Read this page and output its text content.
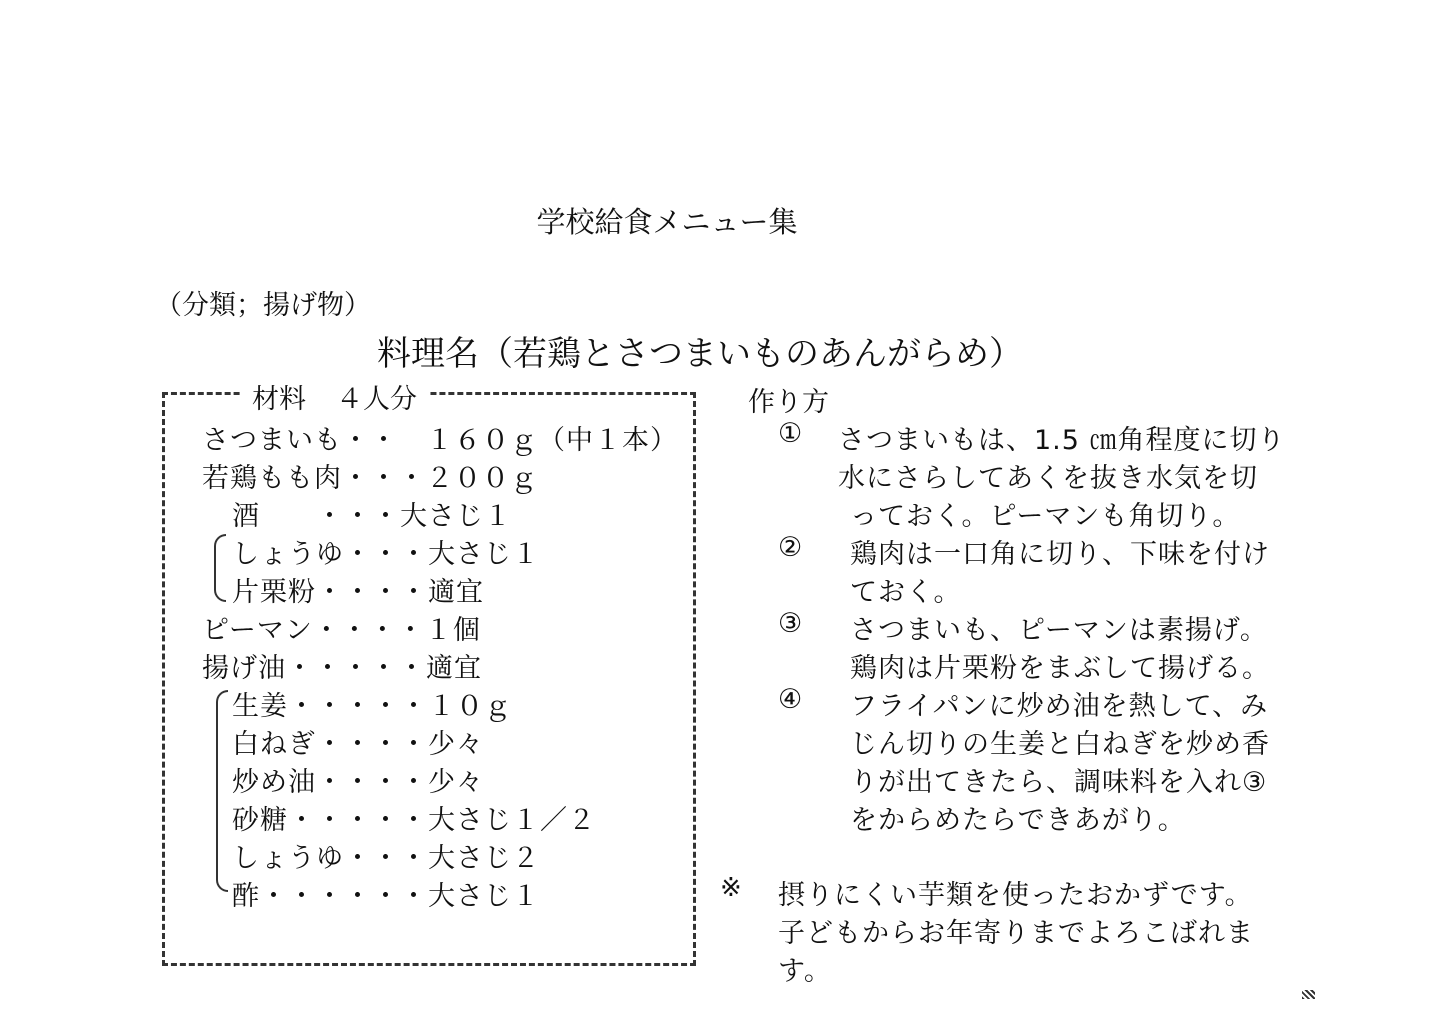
学校給食メニュー集
（分類；揚げ物）
料理名（若鶏とさつまいものあんがらめ）
材料 ４人分
さつまいも・・　１６０ｇ（中１本）
若鶏もも肉・・・２００ｇ
酒　　・・・大さじ１
しょうゆ・・・大さじ１
片栗粉・・・・適宜
ピーマン・・・・１個
揚げ油・・・・・適宜
生姜・・・・・１０ｇ
白ねぎ・・・・少々
炒め油・・・・少々
砂糖・・・・・大さじ１／２
しょうゆ・・・大さじ２
酢・・・・・・大さじ１
作り方
① さつまいもは、1.5 ㎝角程度に切り
水にさらしてあくを抜き水気を切
っておく。ピーマンも角切り。
② 鶏肉は一口角に切り、下味を付け
ておく。
③ さつまいも、ピーマンは素揚げ。
鶏肉は片栗粉をまぶして揚げる。
④ フライパンに炒め油を熱して、み
じん切りの生姜と白ねぎを炒め香
りが出てきたら、調味料を入れ③
をからめたらできあがり。
※ 摂りにくい芋類を使ったおかずです。
子どもからお年寄りまでよろこばれま
す。
